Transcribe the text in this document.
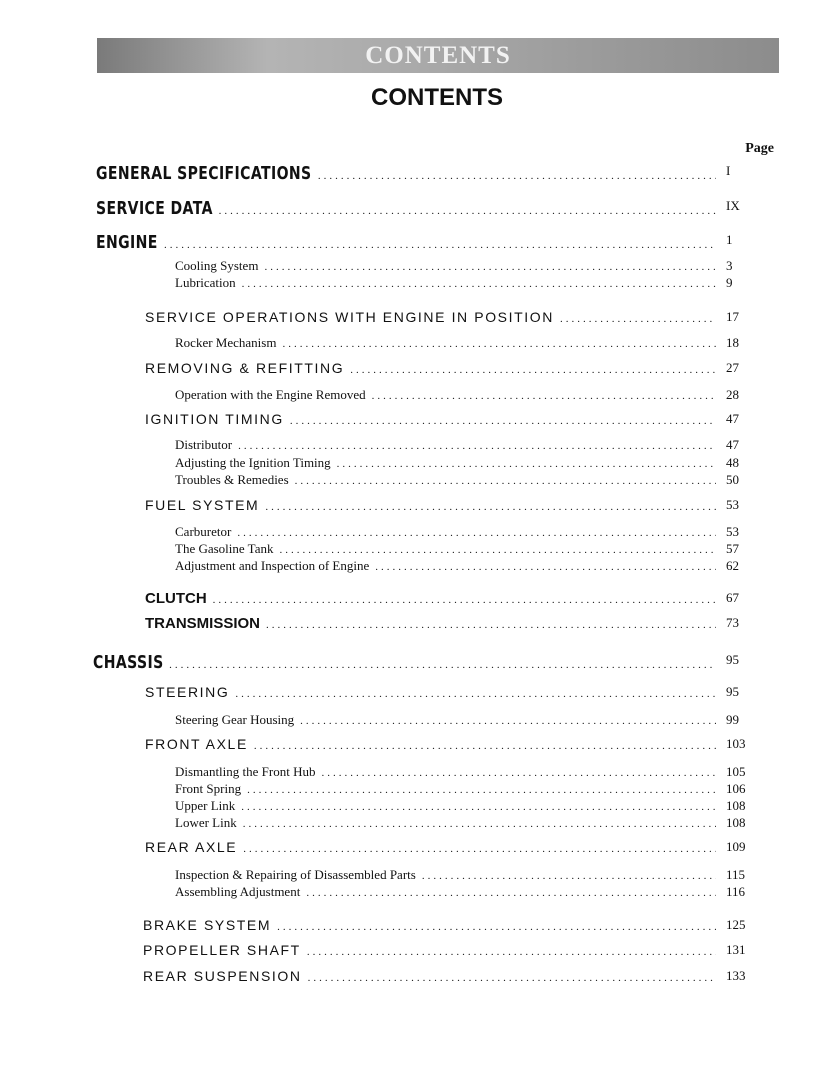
CONTENTS
CONTENTS
Page
GENERAL SPECIFICATIONS .....	I
SERVICE DATA .....	IX
ENGINE .....	1
Cooling System .....	3
Lubrication .....	9
SERVICE OPERATIONS WITH ENGINE IN POSITION .....	17
Rocker Mechanism .....	18
REMOVING & REFITTING .....	27
Operation with the Engine Removed .....	28
IGNITION TIMING .....	47
Distributor .....	47
Adjusting the Ignition Timing .....	48
Troubles & Remedies .....	50
FUEL SYSTEM .....	53
Carburetor .....	53
The Gasoline Tank .....	57
Adjustment and Inspection of Engine .....	62
CLUTCH .....	67
TRANSMISSION .....	73
CHASSIS .....	95
STEERING .....	95
Steering Gear Housing .....	99
FRONT AXLE .....	103
Dismantling the Front Hub .....	105
Front Spring .....	106
Upper Link .....	108
Lower Link .....	108
REAR AXLE .....	109
Inspection & Repairing of Disassembled Parts .....	115
Assembling Adjustment .....	116
BRAKE SYSTEM .....	125
PROPELLER SHAFT .....	131
REAR SUSPENSION .....	133
